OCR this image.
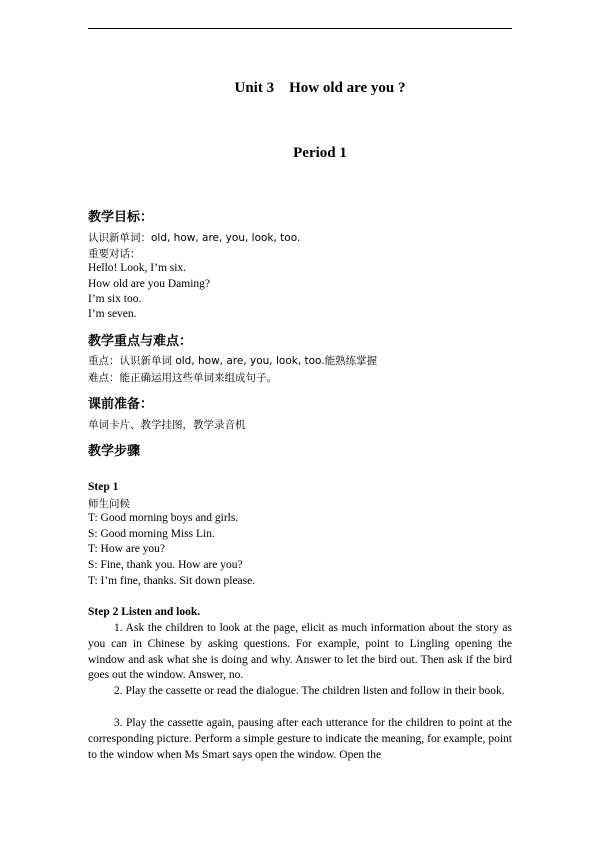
Unit 3    How old are you ?
Period 1
教学目标：
认识新单词：old, how, are, you, look, too.
重要对话：
Hello! Look, I’m six.
How old are you Daming?
I’m six too.
I’m seven.
教学重点与难点：
重点：认识新单词 old, how, are, you, look, too.能熟练掌握
难点：能正确运用这些单词来组成句子。
课前准备：
单词卡片、教学挂图，教学录音机
教学步骤
Step 1
师生问候
T: Good morning boys and girls.
S: Good morning Miss Lin.
T: How are you?
S: Fine, thank you. How are you?
T: I’m fine, thanks. Sit down please.
Step 2 Listen and look.

1. Ask the children to look at the page, elicit as much information about the story as you can in Chinese by asking questions. For example, point to Lingling opening the window and ask what she is doing and why. Answer to let the bird out. Then ask if the bird goes out the window. Answer, no.

2. Play the cassette or read the dialogue. The children listen and follow in their book.

3. Play the cassette again, pausing after each utterance for the children to point at the corresponding picture. Perform a simple gesture to indicate the meaning, for example, point to the window when Ms Smart says open the window. Open the
